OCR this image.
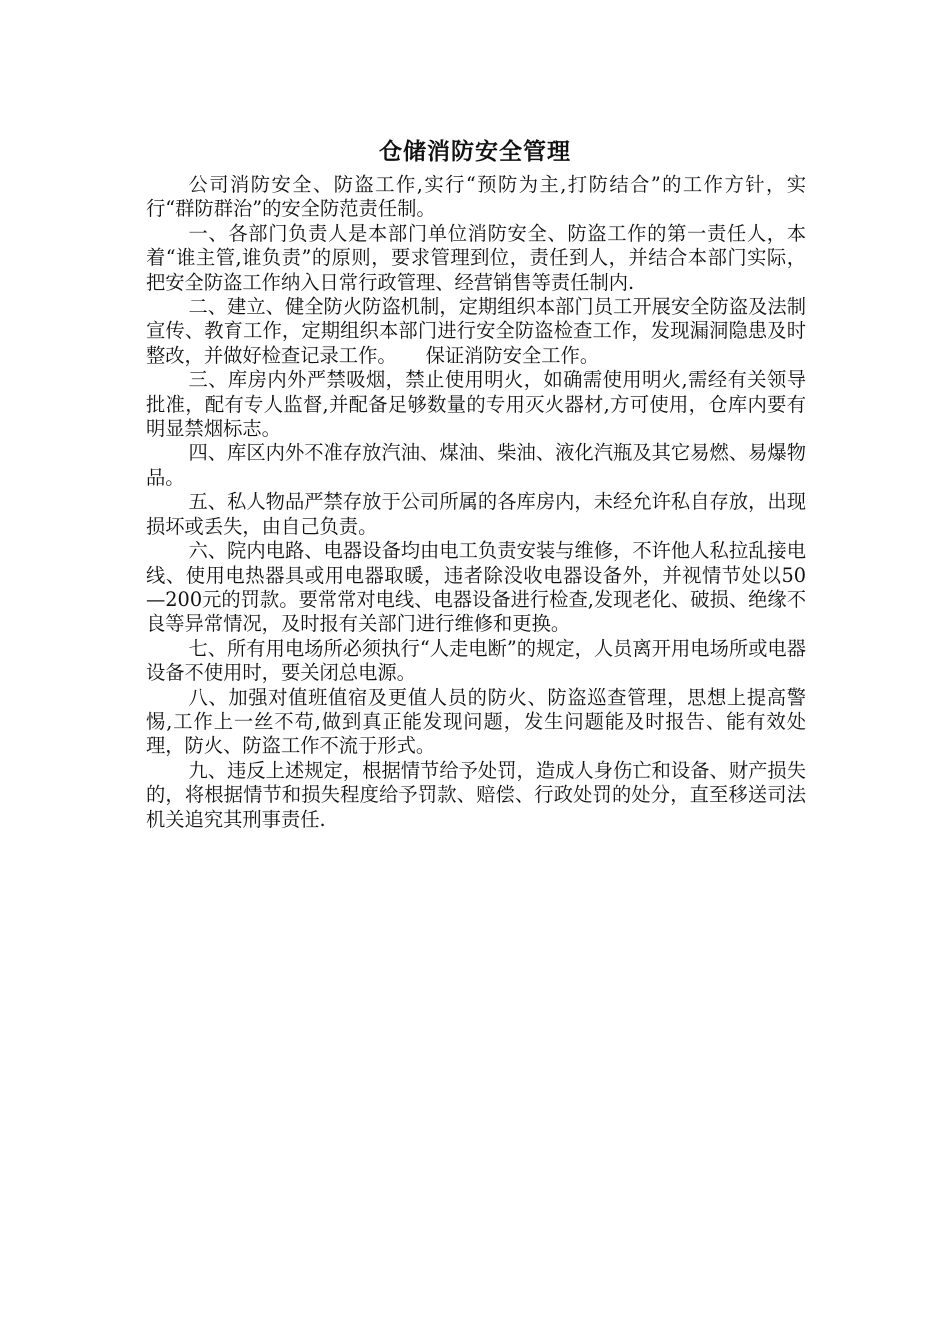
仓储消防安全管理

公司消防安全、防盗工作,实行“预防为主,打防结合”的工作方针，实行“群防群治”的安全防范责任制。

一、各部门负责人是本部门单位消防安全、防盗工作的第一责任人，本着“谁主管,谁负责”的原则，要求管理到位，责任到人，并结合本部门实际，把安全防盗工作纳入日常行政管理、经营销售等责任制内.

二、建立、健全防火防盗机制，定期组织本部门员工开展安全防盗及法制宣传、教育工作，定期组织本部门进行安全防盗检查工作，发现漏洞隐患及时整改，并做好检查记录工作。　　保证消防安全工作。

三、库房内外严禁吸烟，禁止使用明火，如确需使用明火,需经有关领导批准，配有专人监督,并配备足够数量的专用灭火器材,方可使用，仓库内要有明显禁烟标志。

四、库区内外不准存放汽油、煤油、柴油、液化汽瓶及其它易燃、易爆物品。

五、私人物品严禁存放于公司所属的各库房内，未经允许私自存放，出现损坏或丢失，由自己负责。

六、院内电路、电器设备均由电工负责安装与维修，不许他人私拉乱接电线、使用电热器具或用电器取暖，违者除没收电器设备外，并视情节处以50—200元的罚款。要常常对电线、电器设备进行检查,发现老化、破损、绝缘不良等异常情况，及时报有关部门进行维修和更换。

七、所有用电场所必须执行“人走电断”的规定，人员离开用电场所或电器设备不使用时，要关闭总电源。

八、加强对值班值宿及更值人员的防火、防盗巡查管理，思想上提高警惕,工作上一丝不苟,做到真正能发现问题，发生问题能及时报告、能有效处理，防火、防盗工作不流于形式。

九、违反上述规定，根据情节给予处罚，造成人身伤亡和设备、财产损失的，将根据情节和损失程度给予罚款、赔偿、行政处罚的处分，直至移送司法机关追究其刑事责任.
